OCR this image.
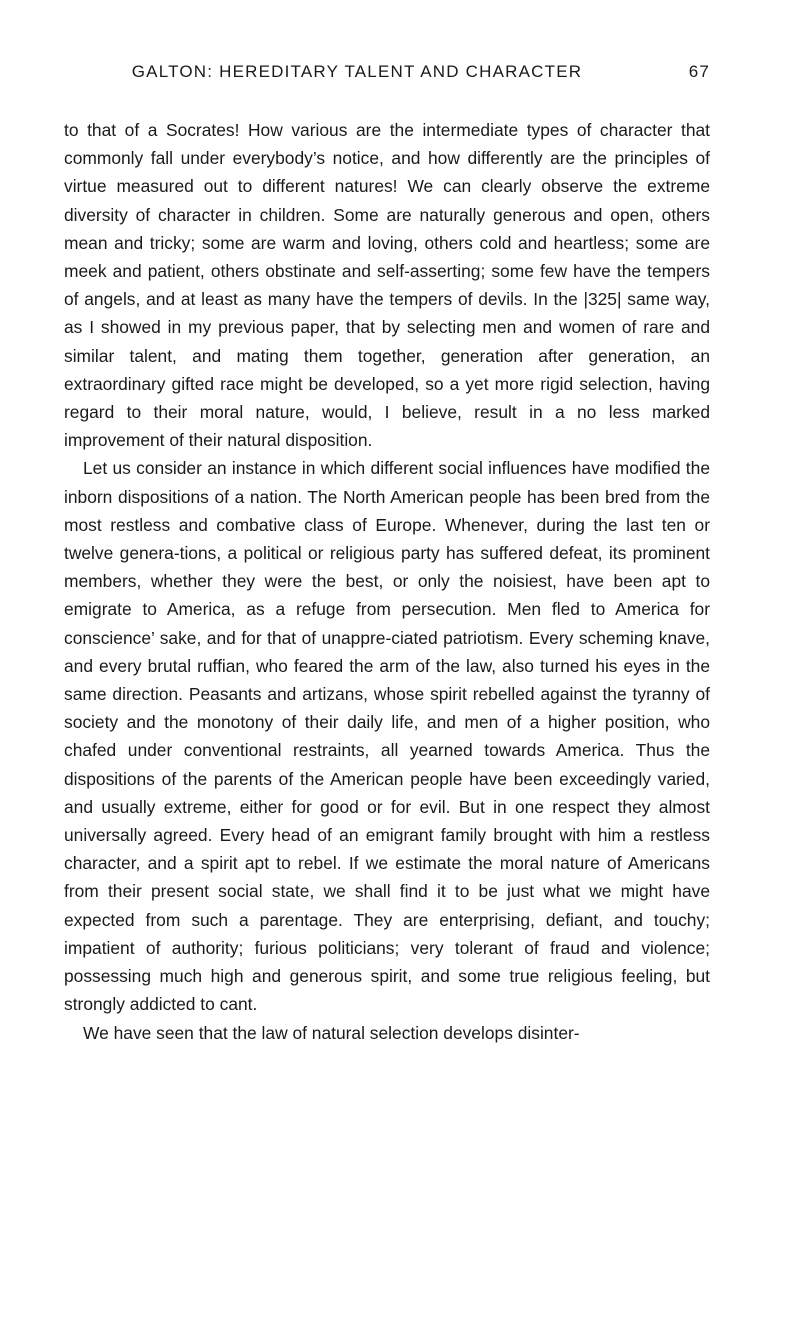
GALTON: HEREDITARY TALENT AND CHARACTER	67

to that of a Socrates! How various are the intermediate types of character that commonly fall under everybody’s notice, and how differently are the principles of virtue measured out to different natures! We can clearly observe the extreme diversity of character in children. Some are naturally generous and open, others mean and tricky; some are warm and loving, others cold and heartless; some are meek and patient, others obstinate and self-asserting; some few have the tempers of angels, and at least as many have the tempers of devils. In the |325| same way, as I showed in my previous paper, that by selecting men and women of rare and similar talent, and mating them together, generation after generation, an extraordinary gifted race might be developed, so a yet more rigid selection, having regard to their moral nature, would, I believe, result in a no less marked improvement of their natural disposition.

Let us consider an instance in which different social influences have modified the inborn dispositions of a nation. The North American people has been bred from the most restless and combative class of Europe. Whenever, during the last ten or twelve genera-tions, a political or religious party has suffered defeat, its prominent members, whether they were the best, or only the noisiest, have been apt to emigrate to America, as a refuge from persecution. Men fled to America for conscience’ sake, and for that of unappre-ciated patriotism. Every scheming knave, and every brutal ruffian, who feared the arm of the law, also turned his eyes in the same direction. Peasants and artizans, whose spirit rebelled against the tyranny of society and the monotony of their daily life, and men of a higher position, who chafed under conventional restraints, all yearned towards America. Thus the dispositions of the parents of the American people have been exceedingly varied, and usually extreme, either for good or for evil. But in one respect they almost universally agreed. Every head of an emigrant family brought with him a restless character, and a spirit apt to rebel. If we estimate the moral nature of Americans from their present social state, we shall find it to be just what we might have expected from such a parentage. They are enterprising, defiant, and touchy; impatient of authority; furious politicians; very tolerant of fraud and violence; possessing much high and generous spirit, and some true religious feeling, but strongly addicted to cant.

We have seen that the law of natural selection develops disinter-
